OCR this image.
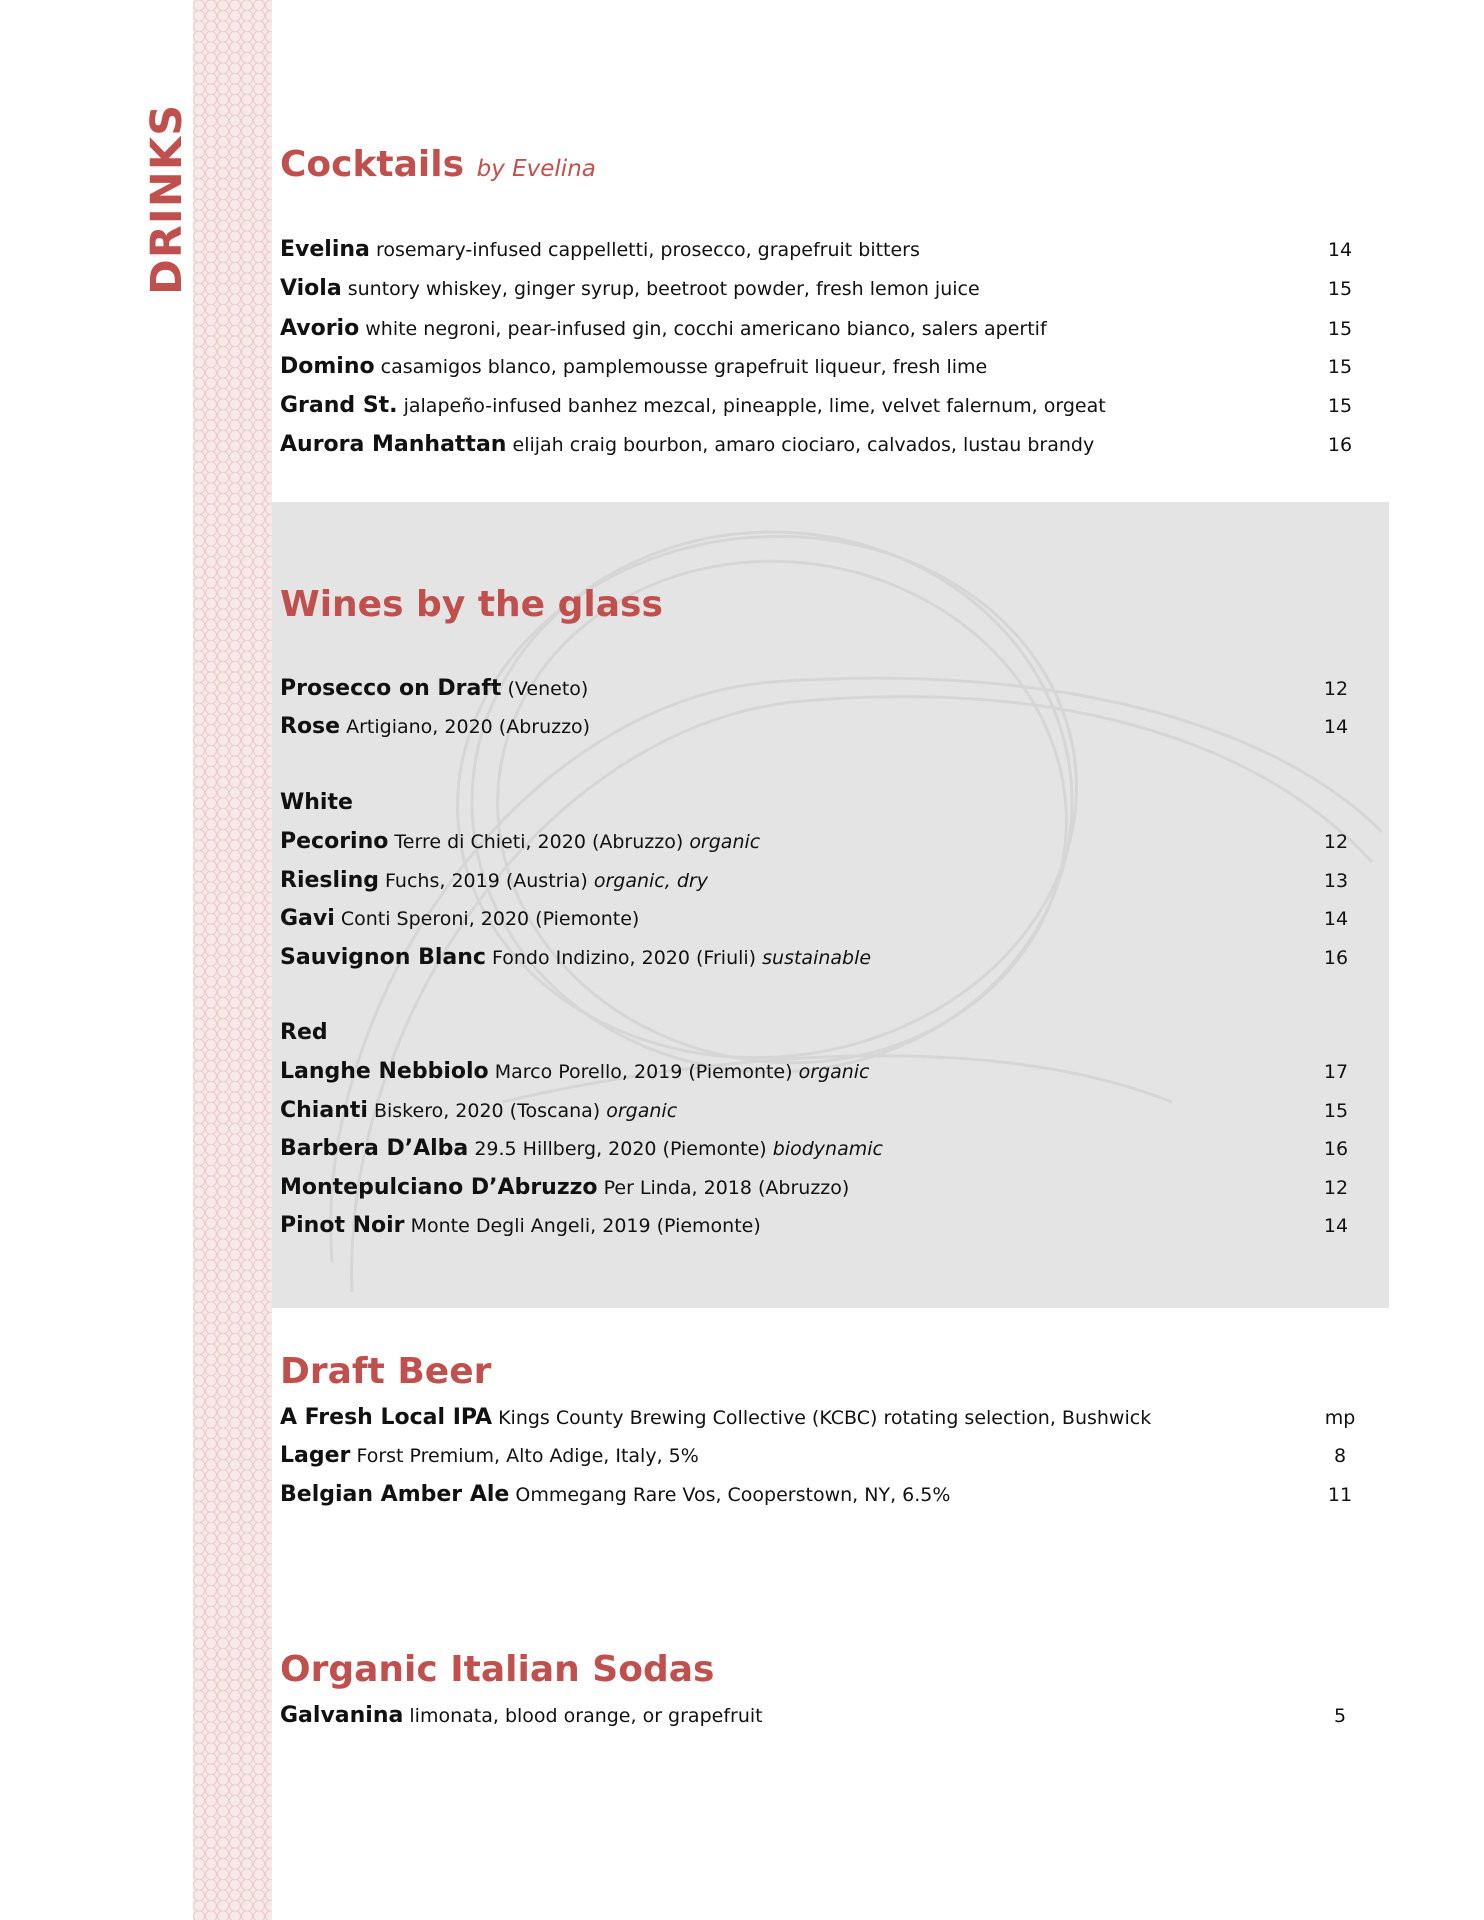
DRINKS Cocktails by Evelina
Evelina rosemary-infused cappelletti, prosecco, grapefruit bitters	14
Viola suntory whiskey, ginger syrup, beetroot powder, fresh lemon juice	15
Avorio white negroni, pear-infused gin, cocchi americano bianco, salers apertif	15
Domino casamigos blanco, pamplemousse grapefruit liqueur, fresh lime	15
Grand St. jalapeño-infused banhez mezcal, pineapple, lime, velvet falernum, orgeat	15
Aurora Manhattan elijah craig bourbon, amaro ciociaro, calvados, lustau brandy	16
Wines by the glass
Prosecco on Draft (Veneto)	12
Rose Artigiano, 2020 (Abruzzo)	14
White
Pecorino Terre di Chieti, 2020 (Abruzzo) organic	12
Riesling Fuchs, 2019 (Austria) organic, dry	13
Gavi Conti Speroni, 2020 (Piemonte)	14
Sauvignon Blanc Fondo Indizino, 2020 (Friuli) sustainable	16
Red
Langhe Nebbiolo Marco Porello, 2019 (Piemonte) organic	17
Chianti Biskero, 2020 (Toscana) organic	15
Barbera D’Alba 29.5 Hillberg, 2020 (Piemonte) biodynamic	16
Montepulciano D’Abruzzo Per Linda, 2018 (Abruzzo)	12
Pinot Noir Monte Degli Angeli, 2019 (Piemonte)	14
Draft Beer
A Fresh Local IPA Kings County Brewing Collective (KCBC) rotating selection, Bushwick	mp
Lager Forst Premium, Alto Adige, Italy, 5%	8
Belgian Amber Ale Ommegang Rare Vos, Cooperstown, NY, 6.5%	11
Organic Italian Sodas
Galvanina limonata, blood orange, or grapefruit	5
